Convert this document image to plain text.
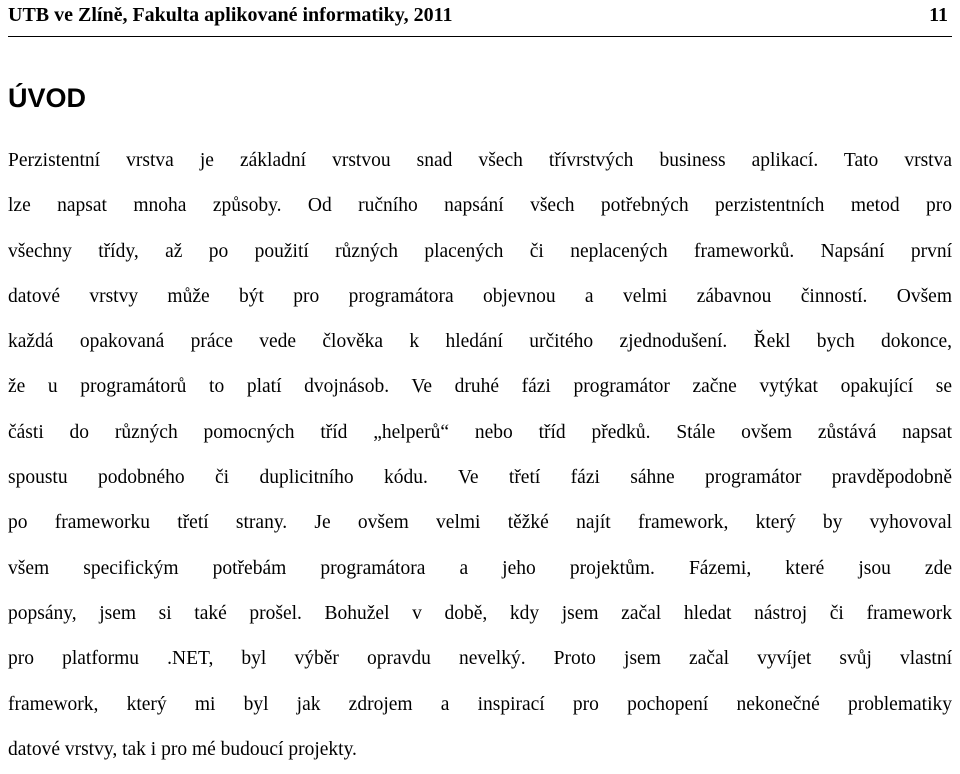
UTB ve Zlíně, Fakulta aplikované informatiky, 2011	11
ÚVOD
Perzistentní vrstva je základní vrstvou snad všech třívrstvých business aplikací. Tato vrstva
lze napsat mnoha způsoby. Od ručního napsání všech potřebných perzistentních metod pro
všechny třídy, až po použití různých placených či neplacených frameworků. Napsání první
datové vrstvy může být pro programátora objevnou a velmi zábavnou činností. Ovšem
každá opakovaná práce vede člověka k hledání určitého zjednodušení. Řekl bych dokonce,
že u programátorů to platí dvojnásob. Ve druhé fázi programátor začne vytýkat opakující se
části do různých pomocných tříd „helperů“ nebo tříd předků. Stále ovšem zůstává napsat
spoustu podobného či duplicitního kódu. Ve třetí fázi sáhne programátor pravděpodobně
po frameworku třetí strany. Je ovšem velmi těžké najít framework, který by vyhovoval
všem specifickým potřebám programátora a jeho projektům. Fázemi, které jsou zde
popsány, jsem si také prošel. Bohužel v době, kdy jsem začal hledat nástroj či framework
pro platformu .NET, byl výběr opravdu nevelký. Proto jsem začal vyvíjet svůj vlastní
framework, který mi byl jak zdrojem a inspirací pro pochopení nekonečné problematiky
datové vrstvy, tak i pro mé budoucí projekty.
